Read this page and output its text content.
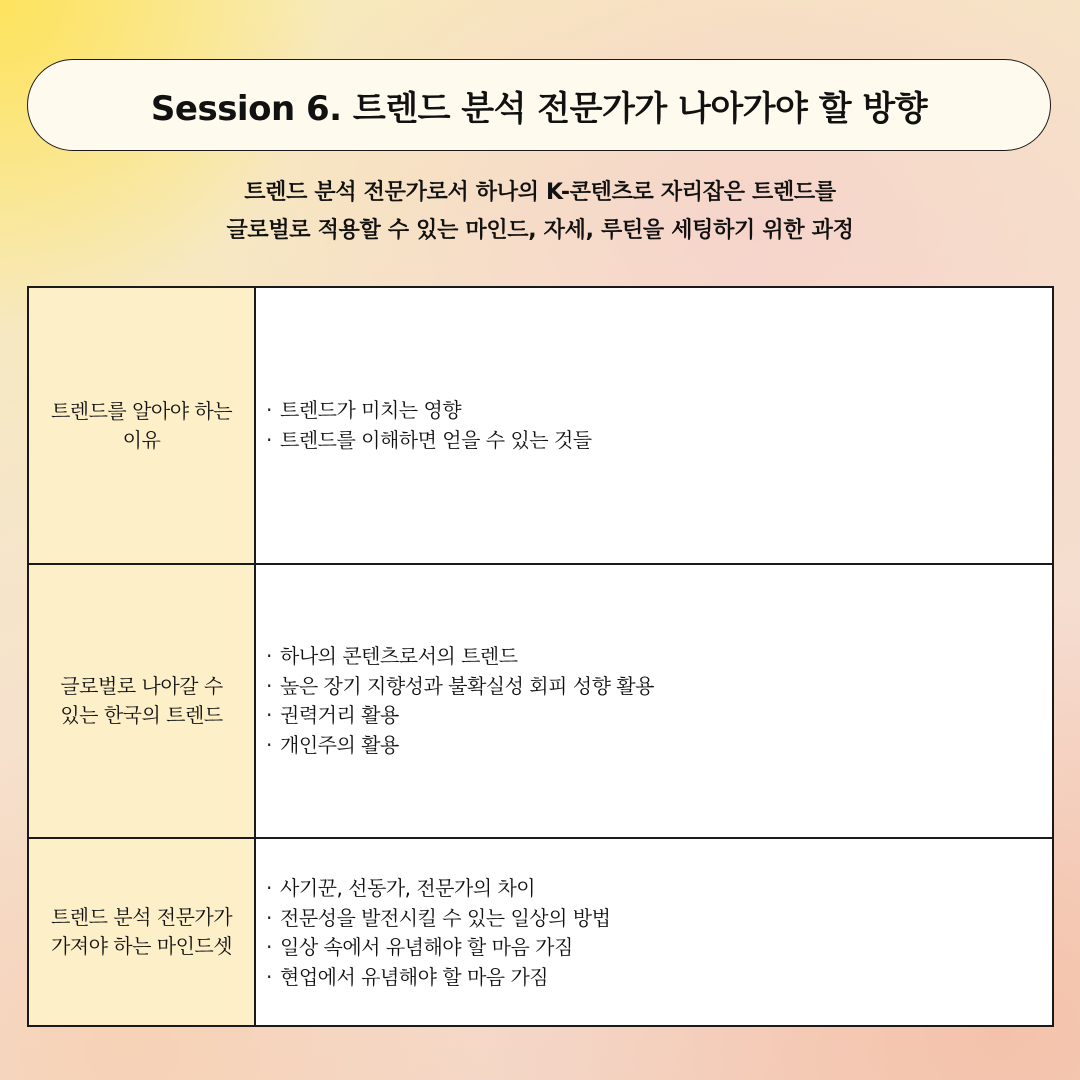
Session 6. 트렌드 분석 전문가가 나아가야 할 방향
트렌드 분석 전문가로서 하나의 K-콘텐츠로 자리잡은 트렌드를
글로벌로 적용할 수 있는 마인드, 자세, 루틴을 세팅하기 위한 과정
트렌드를 알아야 하는
이유
· 트렌드가 미치는 영향
· 트렌드를 이해하면 얻을 수 있는 것들
글로벌로 나아갈 수
있는 한국의 트렌드
· 하나의 콘텐츠로서의 트렌드
· 높은 장기 지향성과 불확실성 회피 성향 활용
· 권력거리 활용
· 개인주의 활용
트렌드 분석 전문가가
가져야 하는 마인드셋
· 사기꾼, 선동가, 전문가의 차이
· 전문성을 발전시킬 수 있는 일상의 방법
· 일상 속에서 유념해야 할 마음 가짐
· 현업에서 유념해야 할 마음 가짐
